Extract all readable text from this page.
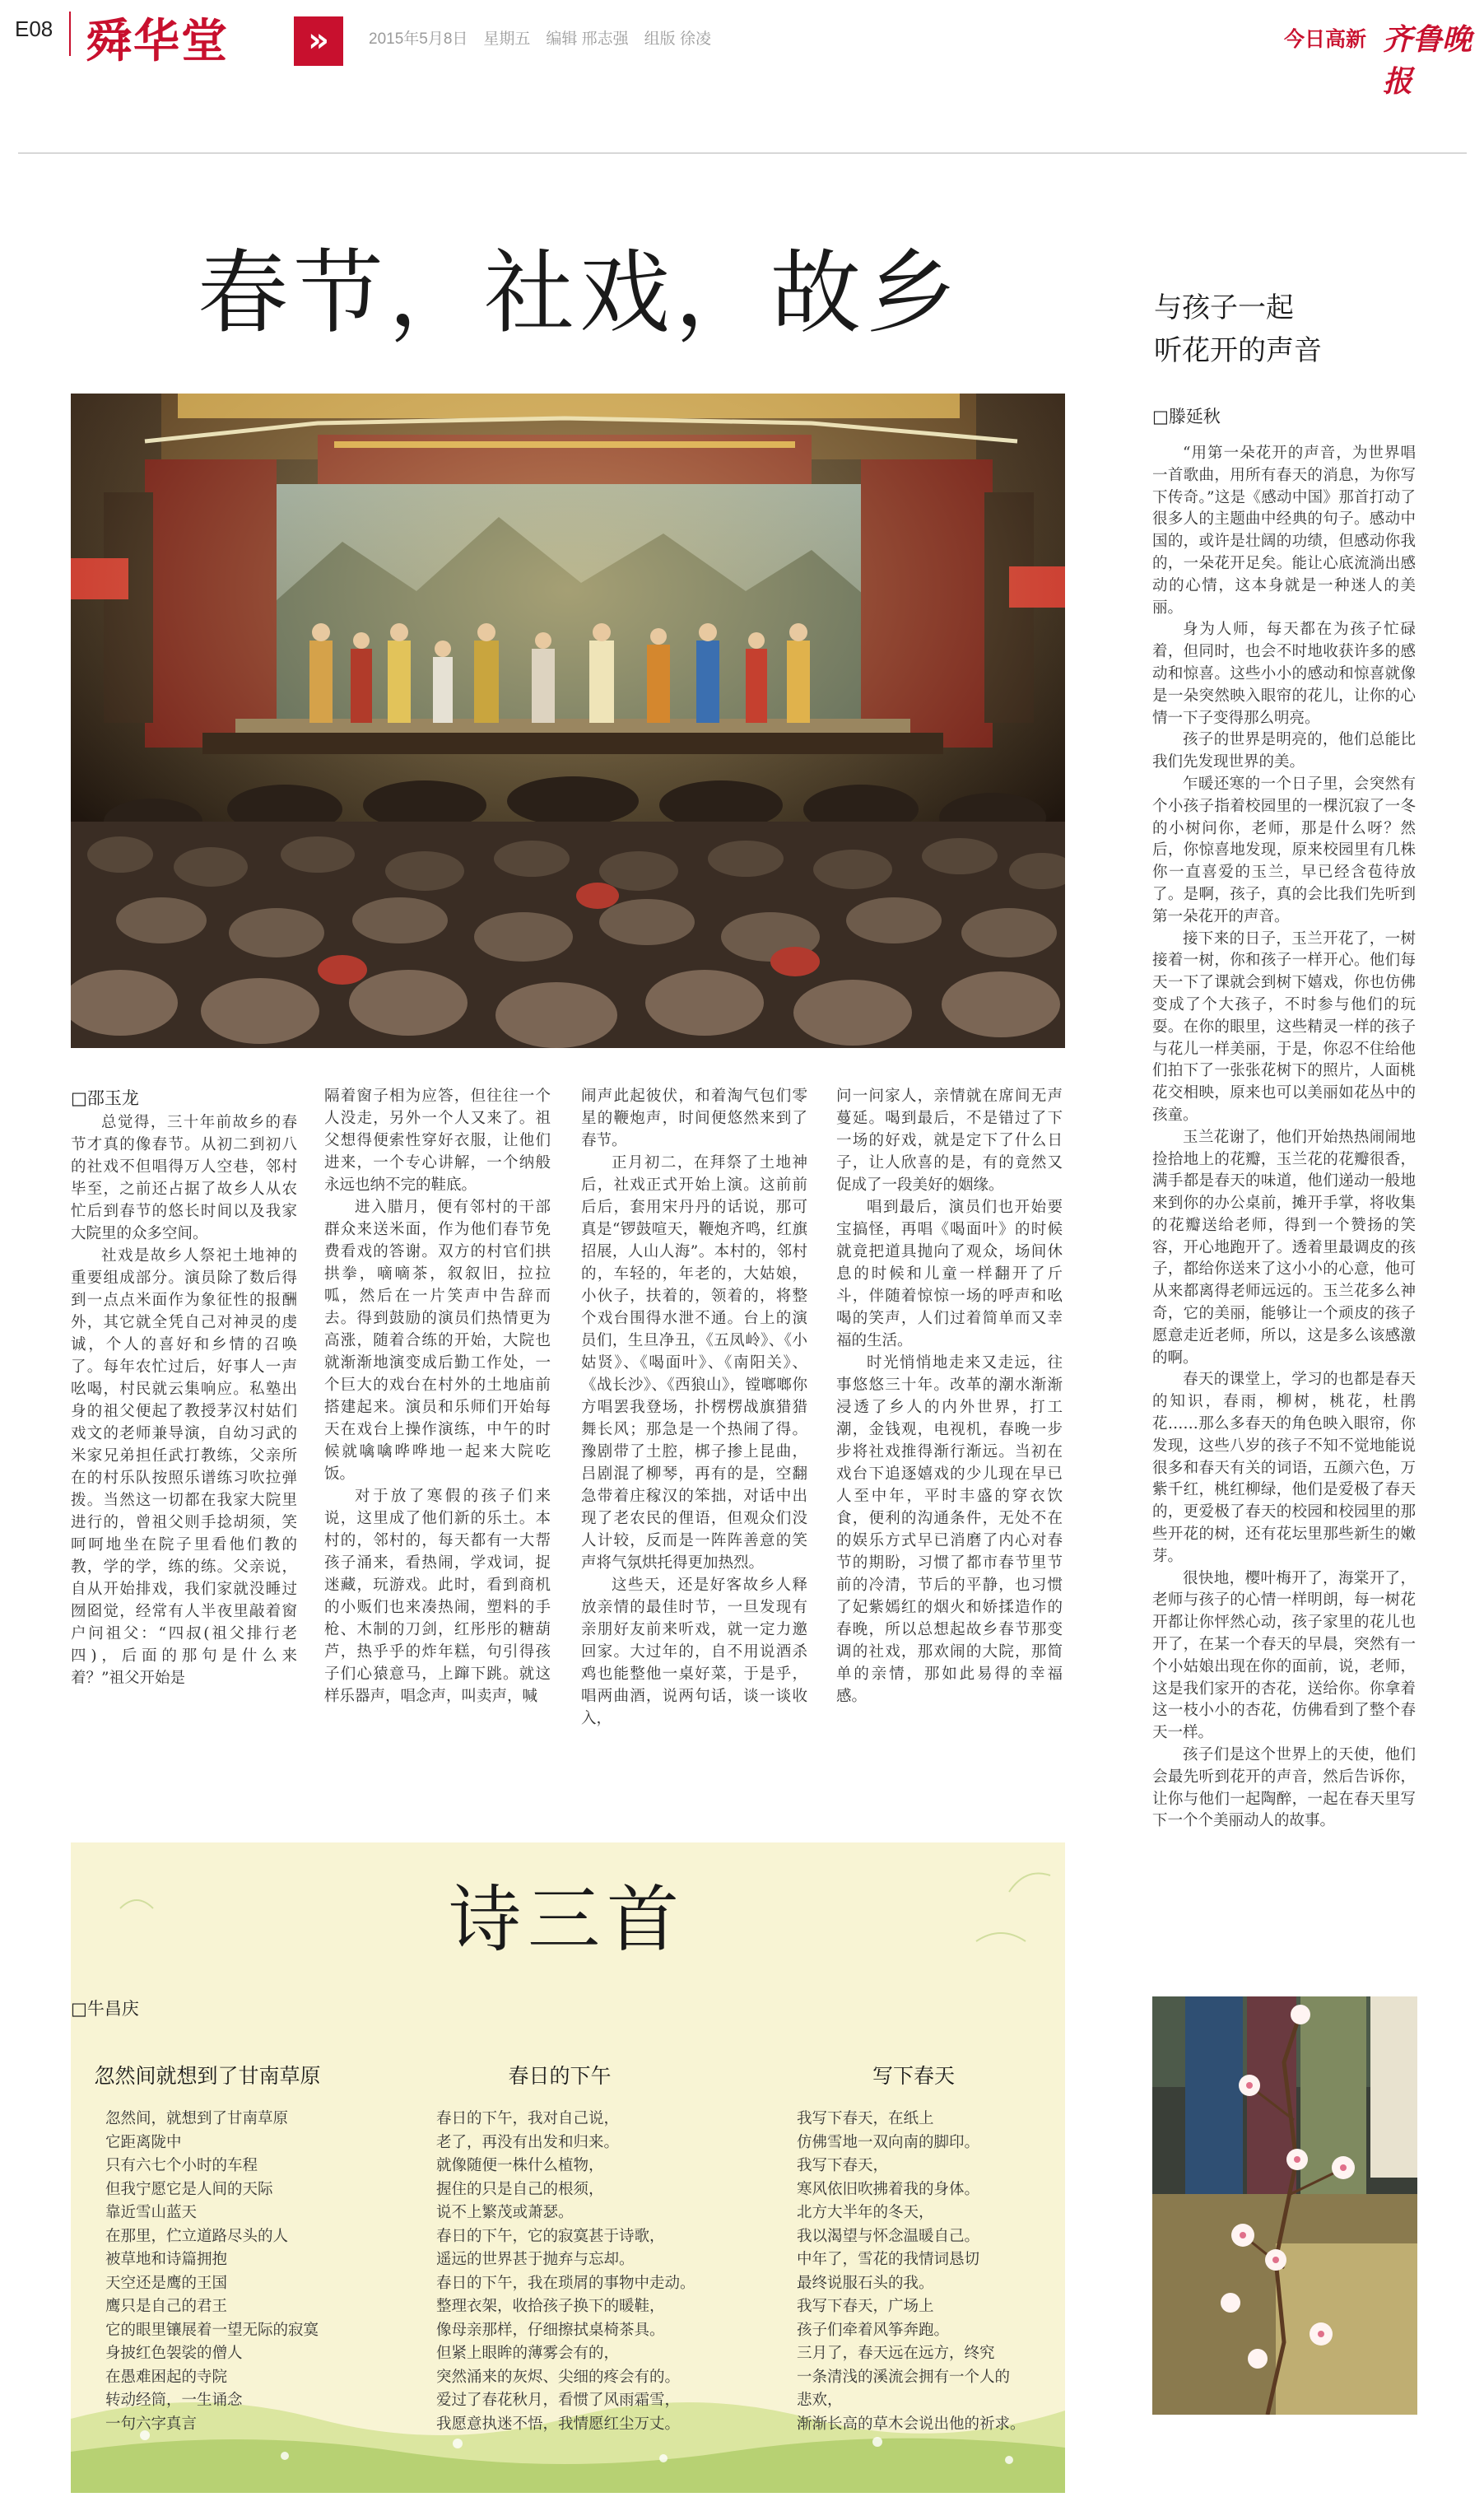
E08 舜华堂	»	2015年5月8日　星期五　编辑 邢志强　组版 徐凌	今日高新 齐鲁晚报
春节，社戏，故乡
□邵玉龙

总觉得，三十年前故乡的春节才真的像春节。从初二到初八的社戏不但唱得万人空巷，邻村毕至，之前还占据了故乡人从农忙后到春节的悠长时间以及我家大院里的众多空间。

社戏是故乡人祭祀土地神的重要组成部分。演员除了数后得到一点点米面作为象征性的报酬外，其它就全凭自己对神灵的虔诚，个人的喜好和乡情的召唤了。每年农忙过后，好事人一声吆喝，村民就云集响应。私塾出身的祖父便起了教授茅汉村姑们戏文的老师兼导演，自幼习武的米家兄弟担任武打教练，父亲所在的村乐队按照乐谱练习吹拉弹拨。当然这一切都在我家大院里进行的，曾祖父则手捻胡须，笑呵呵地坐在院子里看他们教的教，学的学，练的练。父亲说，自从开始排戏，我们家就没睡过囫囵觉，经常有人半夜里敲着窗户问祖父：“四叔(祖父排行老四)，后面的那句是什么来着？”祖父开始是

隔着窗子相为应答，但往往一个人没走，另外一个人又来了。祖父想得便索性穿好衣服，让他们进来，一个专心讲解，一个纳般永远也纳不完的鞋底。

进入腊月，便有邻村的干部群众来送米面，作为他们春节免费看戏的答谢。双方的村官们拱拱拳，嘀嘀茶，叙叙旧，拉拉呱，然后在一片笑声中告辞而去。得到鼓励的演员们热情更为高涨，随着合练的开始，大院也就渐渐地演变成后勤工作处，一个巨大的戏台在村外的土地庙前搭建起来。演员和乐师们开始每天在戏台上操作演练，中午的时候就噙噙哗哗地一起来大院吃饭。

对于放了寒假的孩子们来说，这里成了他们新的乐土。本村的，邻村的，每天都有一大帮孩子涌来，看热闹，学戏词，捉迷藏，玩游戏。此时，看到商机的小贩们也来凑热闹，塑料的手枪、木制的刀剑，红彤彤的糖葫芦，热乎乎的炸年糕，句引得孩子们心猿意马，上蹿下跳。就这样乐器声，唱念声，叫卖声，喊

闹声此起彼伏，和着淘气包们零星的鞭炮声，时间便悠然来到了春节。

正月初二，在拜祭了土地神后，社戏正式开始上演。这前前后后，套用宋丹丹的话说，那可真是“锣鼓喧天，鞭炮齐鸣，红旗招展，人山人海”。本村的，邻村的，车轻的，年老的，大姑娘，小伙子，扶着的，领着的，将整个戏台围得水泄不通。台上的演员们，生旦净丑，《五凤岭》、《小姑贤》、《喝面叶》、《南阳关》、《战长沙》、《西狼山》，镗啷啷你方唱罢我登场，扑楞楞战旗猎猎舞长风；那急是一个热闹了得。豫剧带了土腔，梆子掺上昆曲，吕剧混了柳琴，再有的是，空翻急带着庄稼汉的笨拙，对话中出现了老农民的俚语，但观众们没人计较，反而是一阵阵善意的笑声将气氛烘托得更加热烈。

这些天，还是好客故乡人释放亲情的最佳时节，一旦发现有亲朋好友前来听戏，就一定力邀回家。大过年的，自不用说酒杀鸡也能整他一桌好菜，于是乎，唱两曲酒，说两句话，谈一谈收入，

问一问家人，亲情就在席间无声蔓延。喝到最后，不是错过了下一场的好戏，就是定下了什么日子，让人欣喜的是，有的竟然又促成了一段美好的姻缘。

唱到最后，演员们也开始要宝搞怪，再唱《喝面叶》的时候就竟把道具抛向了观众，场间休息的时候和儿童一样翻开了斤斗，伴随着惊惊一场的呼声和吆喝的笑声，人们过着简单而又幸福的生活。

时光悄悄地走来又走远，往事悠悠三十年。改革的潮水渐渐浸透了乡人的内外世界，打工潮，金钱观，电视机，春晚一步步将社戏推得渐行渐远。当初在戏台下追逐嬉戏的少儿现在早已人至中年，平时丰盛的穿衣饮食，便利的沟通条件，无处不在的娱乐方式早已消磨了内心对春节的期盼，习惯了都市春节里节前的冷清，节后的平静，也习惯了妃紫嫣红的烟火和娇揉造作的春晚，所以总想起故乡春节那变调的社戏，那欢闹的大院，那简单的亲情，那如此易得的幸福感。

诗三首
□牛昌庆
忽然间就想到了甘南草原	春日的下午	写下春天
忽然间，就想到了甘南草原
它距离陇中
只有六七个小时的车程
但我宁愿它是人间的天际
靠近雪山蓝天
在那里，伫立道路尽头的人
被草地和诗篇拥抱
天空还是鹰的王国
鹰只是自己的君王
它的眼里镶展着一望无际的寂寞
身披红色袈裟的僧人
在愚难困起的寺院
转动经筒，一生诵念
一句六字真言
春日的下午，我对自己说，
老了，再没有出发和归来。
就像随便一株什么植物，
握住的只是自己的根须，
说不上繁茂或萧瑟。
春日的下午，它的寂寞甚于诗歌，
遥远的世界甚于抛弃与忘却。
春日的下午，我在琐屑的事物中走动。
整理衣架，收拾孩子换下的暖鞋，
像母亲那样，仔细擦拭桌椅茶具。
但紧上眼眸的薄雾会有的，
突然涌来的灰烬、尖细的疼会有的。
爱过了春花秋月，看惯了风雨霜雪，
我愿意执迷不悟，我情愿红尘万丈。
我写下春天，在纸上
仿佛雪地一双向南的脚印。
我写下春天，
寒风依旧吹拂着我的身体。
北方大半年的冬天，
我以渴望与怀念温暖自己。
中年了，雪花的我情词恳切
最终说服石头的我。
我写下春天，广场上
孩子们牵着风筝奔跑。
三月了，春天远在远方，终究
一条清浅的溪流会拥有一个人的
悲欢，
渐渐长高的草木会说出他的祈求。
与孩子一起
听花开的声音
□滕延秋

“用第一朵花开的声音，为世界唱一首歌曲，用所有春天的消息，为你写下传奇。”这是《感动中国》那首打动了很多人的主题曲中经典的句子。感动中国的，或许是壮阔的功绩，但感动你我的，一朵花开足矣。能让心底流淌出感动的心情，这本身就是一种迷人的美丽。

身为人师，每天都在为孩子忙碌着，但同时，也会不时地收获许多的感动和惊喜。这些小小的感动和惊喜就像是一朵突然映入眼帘的花儿，让你的心情一下子变得那么明亮。

孩子的世界是明亮的，他们总能比我们先发现世界的美。

乍暖还寒的一个日子里，会突然有个小孩子指着校园里的一棵沉寂了一冬的小树问你，老师，那是什么呀？然后，你惊喜地发现，原来校园里有几株你一直喜爱的玉兰，早已经含苞待放了。是啊，孩子，真的会比我们先听到第一朵花开的声音。

接下来的日子，玉兰开花了，一树接着一树，你和孩子一样开心。他们每天一下了课就会到树下嬉戏，你也仿佛变成了个大孩子，不时参与他们的玩耍。在你的眼里，这些精灵一样的孩子与花儿一样美丽，于是，你忍不住给他们拍下了一张张花树下的照片，人面桃花交相映，原来也可以美丽如花丛中的孩童。

玉兰花谢了，他们开始热热闹闹地捡拾地上的花瓣，玉兰花的花瓣很香，满手都是春天的味道，他们递动一般地来到你的办公桌前，摊开手掌，将收集的花瓣送给老师，得到一个赞扬的笑容，开心地跑开了。透着里最调皮的孩子，都给你送来了这小小的心意，他可从来都离得老师远远的。玉兰花多么神奇，它的美丽，能够让一个顽皮的孩子愿意走近老师，所以，这是多么该感激的啊。

春天的课堂上，学习的也都是春天的知识，春雨，柳树，桃花，杜鹃花……那么多春天的角色映入眼帘，你发现，这些八岁的孩子不知不觉地能说很多和春天有关的词语，五颜六色，万紫千红，桃红柳绿，他们是爱极了春天的，更爱极了春天的校园和校园里的那些开花的树，还有花坛里那些新生的嫩芽。

很快地，樱叶梅开了，海棠开了，老师与孩子的心情一样明朗，每一树花开都让你怦然心动，孩子家里的花儿也开了，在某一个春天的早晨，突然有一个小姑娘出现在你的面前，说，老师，这是我们家开的杏花，送给你。你拿着这一枝小小的杏花，仿佛看到了整个春天一样。

孩子们是这个世界上的天使，他们会最先听到花开的声音，然后告诉你，让你与他们一起陶醉，一起在春天里写下一个个美丽动人的故事。
